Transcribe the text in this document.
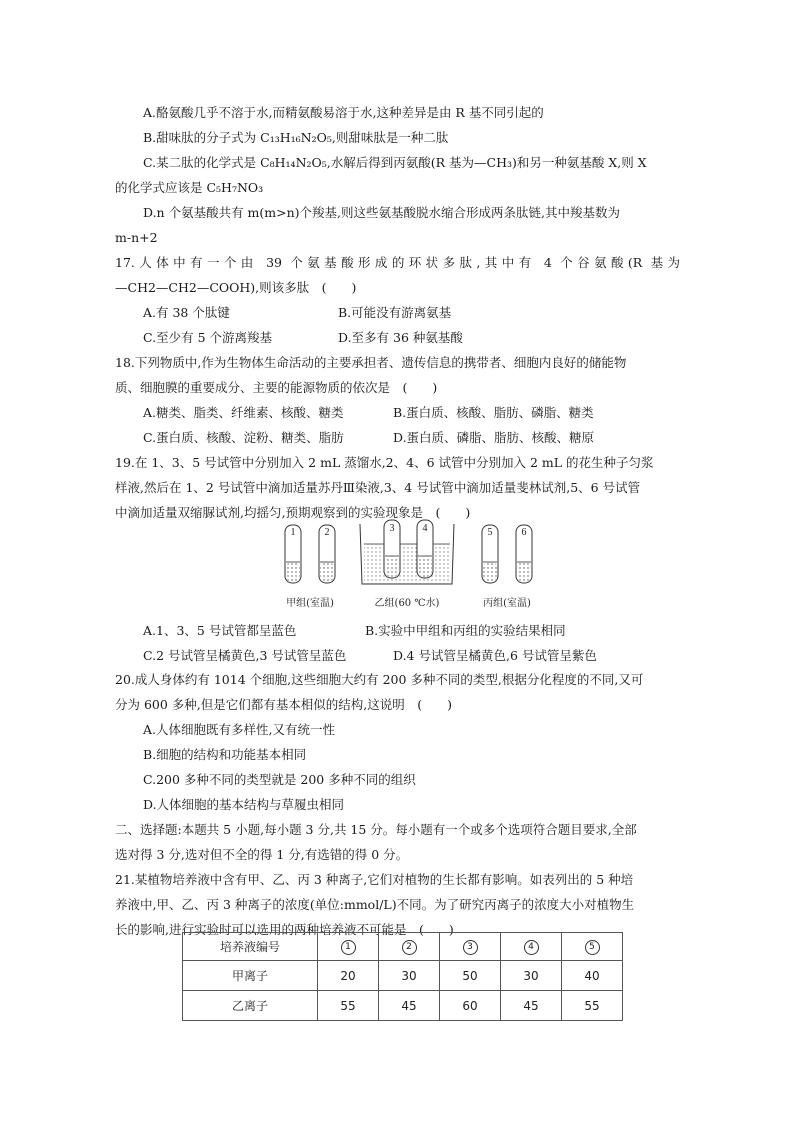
A.酪氨酸几乎不溶于水,而精氨酸易溶于水,这种差异是由 R 基不同引起的
B.甜味肽的分子式为 C₁₃H₁₆N₂O₅,则甜味肽是一种二肽
C.某二肽的化学式是 C₈H₁₄N₂O₅,水解后得到丙氨酸(R 基为—CH₃)和另一种氨基酸 X,则 X
的化学式应该是 C₅H₇NO₃
D.n 个氨基酸共有 m(m>n)个羧基,则这些氨基酸脱水缩合形成两条肽链,其中羧基数为
m-n+2
17.人体中有一个由 39 个氨基酸形成的环状多肽,其中有 4 个谷氨酸(R 基为
—CH2—CH2—COOH),则该多肽　(　　)
A.有 38 个肽键	B.可能没有游离氨基
C.至少有 5 个游离羧基	D.至多有 36 种氨基酸
18.下列物质中,作为生物体生命活动的主要承担者、遗传信息的携带者、细胞内良好的储能物
质、细胞膜的重要成分、主要的能源物质的依次是　(　　)
A.糖类、脂类、纤维素、核酸、糖类	B.蛋白质、核酸、脂肪、磷脂、糖类
C.蛋白质、核酸、淀粉、糖类、脂肪	D.蛋白质、磷脂、脂肪、核酸、糖原
19.在 1、3、5 号试管中分别加入 2 mL 蒸馏水,2、4、6 试管中分别加入 2 mL 的花生种子匀浆
样液,然后在 1、2 号试管中滴加适量苏丹Ⅲ染液,3、4 号试管中滴加适量斐林试剂,5、6 号试管
中滴加适量双缩脲试剂,均摇匀,预期观察到的实验现象是　(　　)
1	2	3	4	5	6
甲组(室温)	乙组(60 ℃水)	丙组(室温)
A.1、3、5 号试管都呈蓝色	B.实验中甲组和丙组的实验结果相同
C.2 号试管呈橘黄色,3 号试管呈蓝色	D.4 号试管呈橘黄色,6 号试管呈紫色
20.成人身体约有 1014 个细胞,这些细胞大约有 200 多种不同的类型,根据分化程度的不同,又可
分为 600 多种,但是它们都有基本相似的结构,这说明　(　　)
A.人体细胞既有多样性,又有统一性
B.细胞的结构和功能基本相同
C.200 多种不同的类型就是 200 多种不同的组织
D.人体细胞的基本结构与草履虫相同
二、选择题:本题共 5 小题,每小题 3 分,共 15 分。每小题有一个或多个选项符合题目要求,全部
选对得 3 分,选对但不全的得 1 分,有选错的得 0 分。
21.某植物培养液中含有甲、乙、丙 3 种离子,它们对植物的生长都有影响。如表列出的 5 种培
养液中,甲、乙、丙 3 种离子的浓度(单位:mmol/L)不同。为了研究丙离子的浓度大小对植物生
长的影响,进行实验时可以选用的两种培养液不可能是　(　　)
培养液编号	1	2	3	4	5
甲离子	20	30	50	30	40
乙离子	55	45	60	45	55
